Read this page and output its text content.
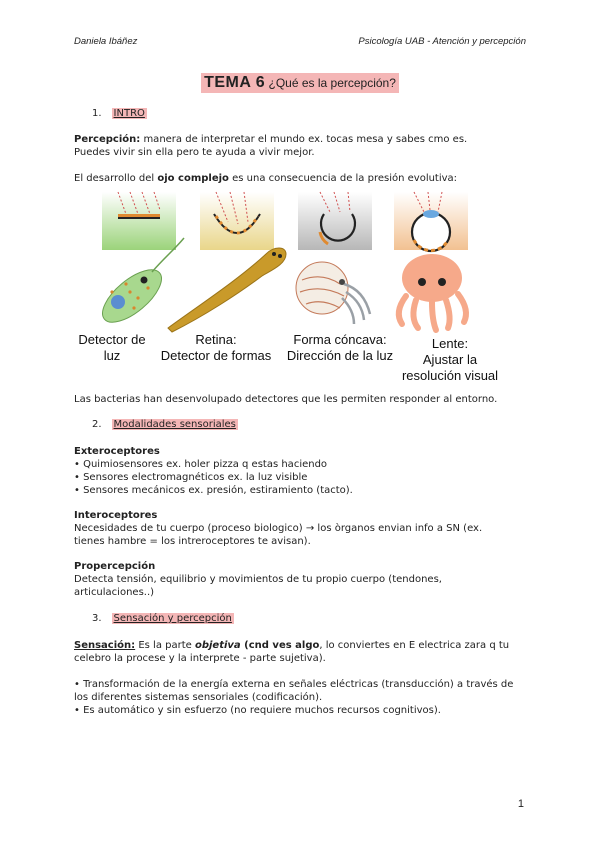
Daniela Ibáñez	Psicología UAB - Atención y percepción
TEMA 6 ¿Qué es la percepción?
1. INTRO
Percepción: manera de interpretar el mundo ex. tocas mesa y sabes cmo es.
Puedes vivir sin ella pero te ayuda a vivir mejor.
El desarrollo del ojo complejo es una consecuencia de la presión evolutiva:
Detector de
luz
Retina:
Detector de formas
Forma cóncava:
Dirección de la luz
Lente:
Ajustar la
resolución visual
Las bacterias han desenvolupado detectores que les permiten responder al entorno.
2. Modalidades sensoriales
Exteroceptores
• Quimiosensores ex. holer pizza q estas haciendo
• Sensores electromagnéticos ex. la luz visible
• Sensores mecánicos ex. presión, estiramiento (tacto).
Interoceptores
Necesidades de tu cuerpo (proceso biologico) → los òrganos envian info a SN (ex.
tienes hambre = los intreroceptores te avisan).
Propercepción
Detecta tensión, equilibrio y movimientos de tu propio cuerpo (tendones,
articulaciones..)
3. Sensación y percepción
Sensación: Es la parte objetiva (cnd ves algo, lo conviertes en E electrica zara q tu
celebro la procese y la interprete - parte sujetiva).
• Transformación de la energía externa en señales eléctricas (transducción) a través de
los diferentes sistemas sensoriales (codificación).
• Es automático y sin esfuerzo (no requiere muchos recursos cognitivos).
1
